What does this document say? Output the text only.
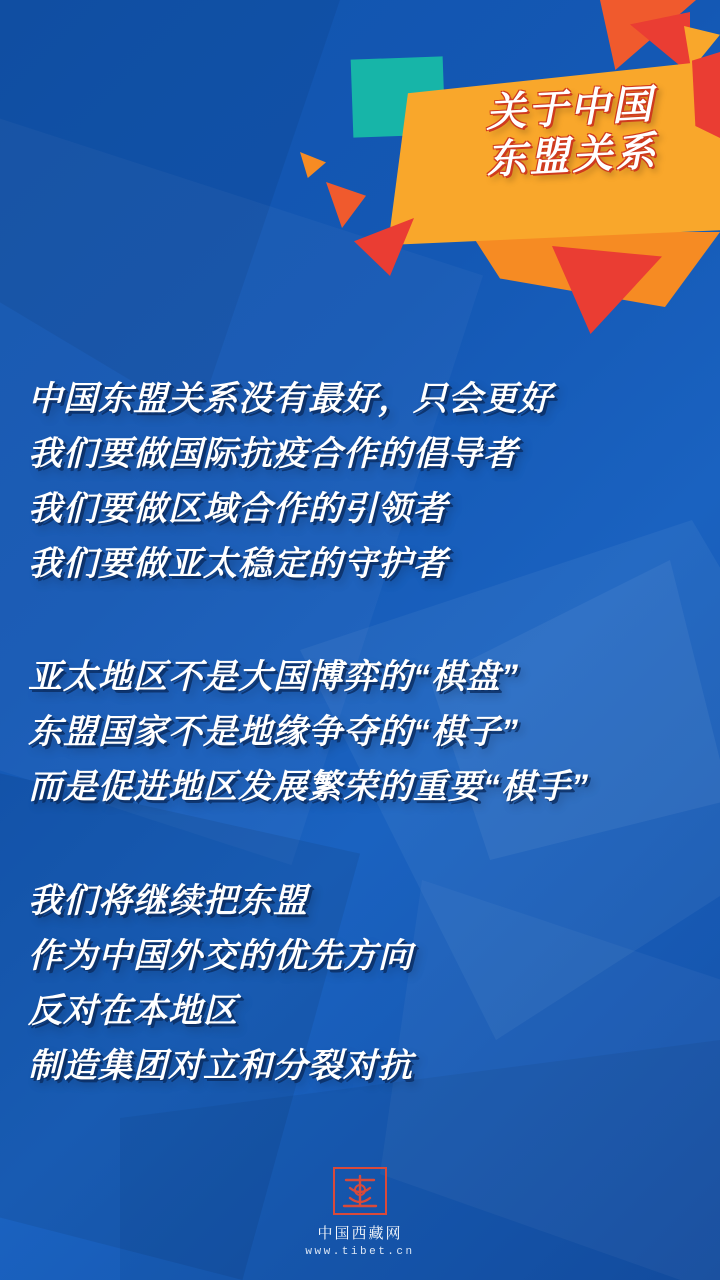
关于中国
东盟关系
中国东盟关系没有最好，只会更好
我们要做国际抗疫合作的倡导者
我们要做区域合作的引领者
我们要做亚太稳定的守护者
亚太地区不是大国博弈的“棋盘”
东盟国家不是地缘争夺的“棋子”
而是促进地区发展繁荣的重要“棋手”
我们将继续把东盟
作为中国外交的优先方向
反对在本地区
制造集团对立和分裂对抗
中国西藏网
www.tibet.cn
